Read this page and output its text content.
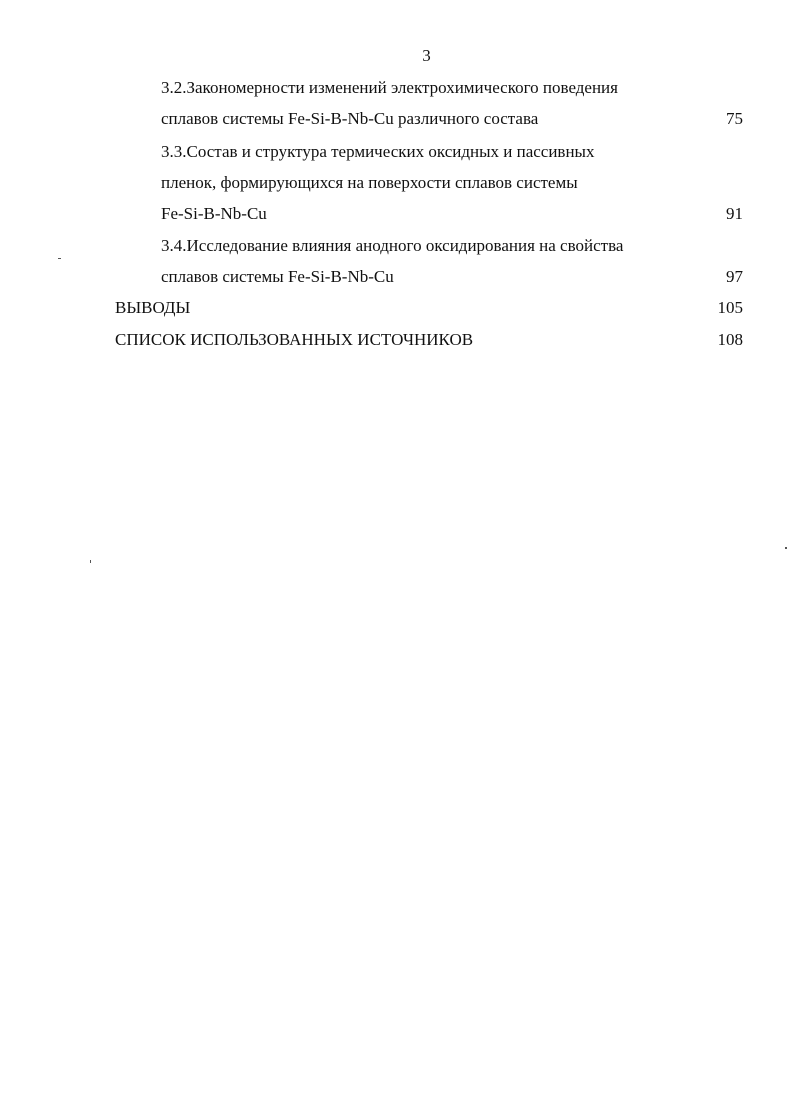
3
3.2.Закономерности изменений электрохимического поведения
сплавов системы Fe-Si-B-Nb-Cu различного состава	75
3.3.Состав и структура термических оксидных и пассивных
пленок, формирующихся на поверхости сплавов системы
Fe-Si-B-Nb-Cu	91
3.4.Исследование влияния анодного оксидирования на свойства
сплавов системы Fe-Si-B-Nb-Cu	97
ВЫВОДЫ	105
СПИСОК ИСПОЛЬЗОВАННЫХ ИСТОЧНИКОВ	108
